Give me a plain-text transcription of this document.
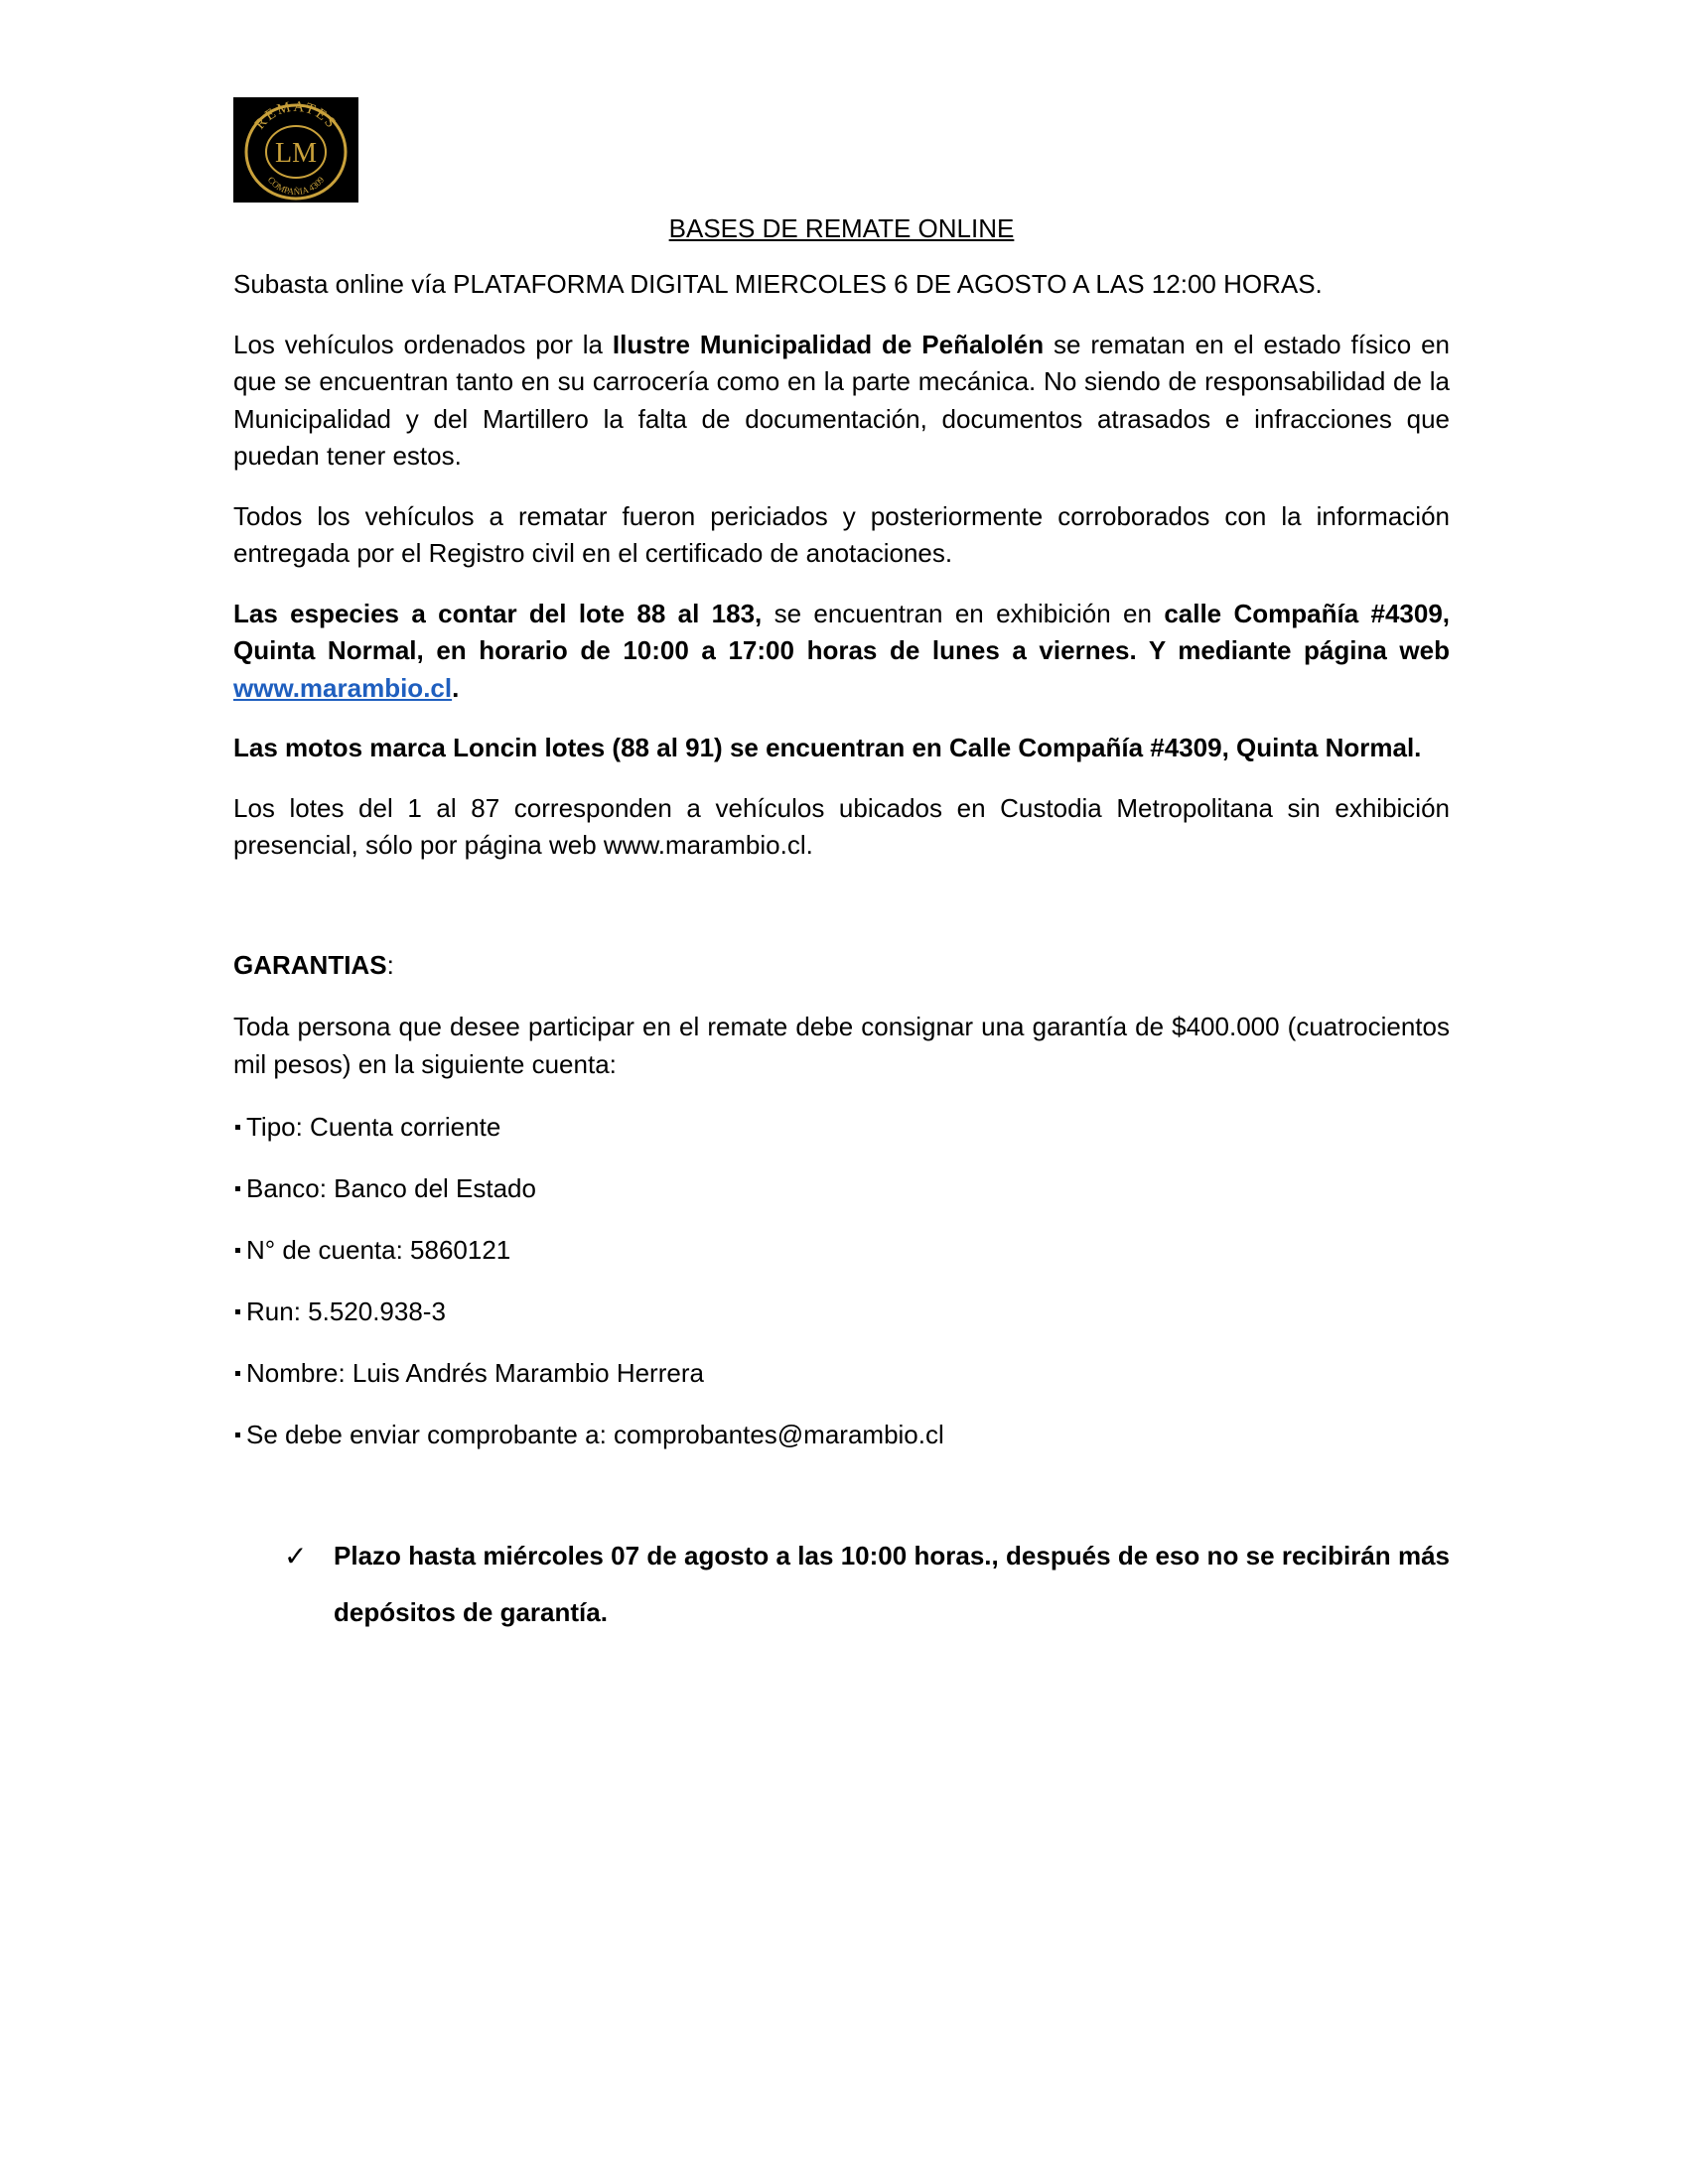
REMATES
LM
COMPAÑIA 4309
BASES DE REMATE ONLINE

Subasta online vía PLATAFORMA DIGITAL MIERCOLES 6 DE AGOSTO A LAS 12:00 HORAS.

Los vehículos ordenados por la Ilustre Municipalidad de Peñalolén se rematan en el estado físico en que se encuentran tanto en su carrocería como en la parte mecánica. No siendo de responsabilidad de la Municipalidad y del Martillero la falta de documentación, documentos atrasados e infracciones que puedan tener estos.

Todos los vehículos a rematar fueron periciados y posteriormente corroborados con la información entregada por el Registro civil en el certificado de anotaciones.

Las especies a contar del lote 88 al 183, se encuentran en exhibición en calle Compañía #4309, Quinta Normal, en horario de 10:00 a 17:00 horas de lunes a viernes. Y mediante página web www.marambio.cl.

Las motos marca Loncin lotes (88 al 91) se encuentran en Calle Compañía #4309, Quinta Normal.

Los lotes del 1 al 87 corresponden a vehículos ubicados en Custodia Metropolitana sin exhibición presencial, sólo por página web www.marambio.cl.

GARANTIAS:

Toda persona que desee participar en el remate debe consignar una garantía de $400.000 (cuatrocientos mil pesos) en la siguiente cuenta:

Tipo: Cuenta corriente
Banco: Banco del Estado
N° de cuenta: 5860121
Run: 5.520.938-3
Nombre: Luis Andrés Marambio Herrera
Se debe enviar comprobante a: comprobantes@marambio.cl
✓	Plazo hasta miércoles 07 de agosto a las 10:00 horas., después de eso no se recibirán más depósitos de garantía.
